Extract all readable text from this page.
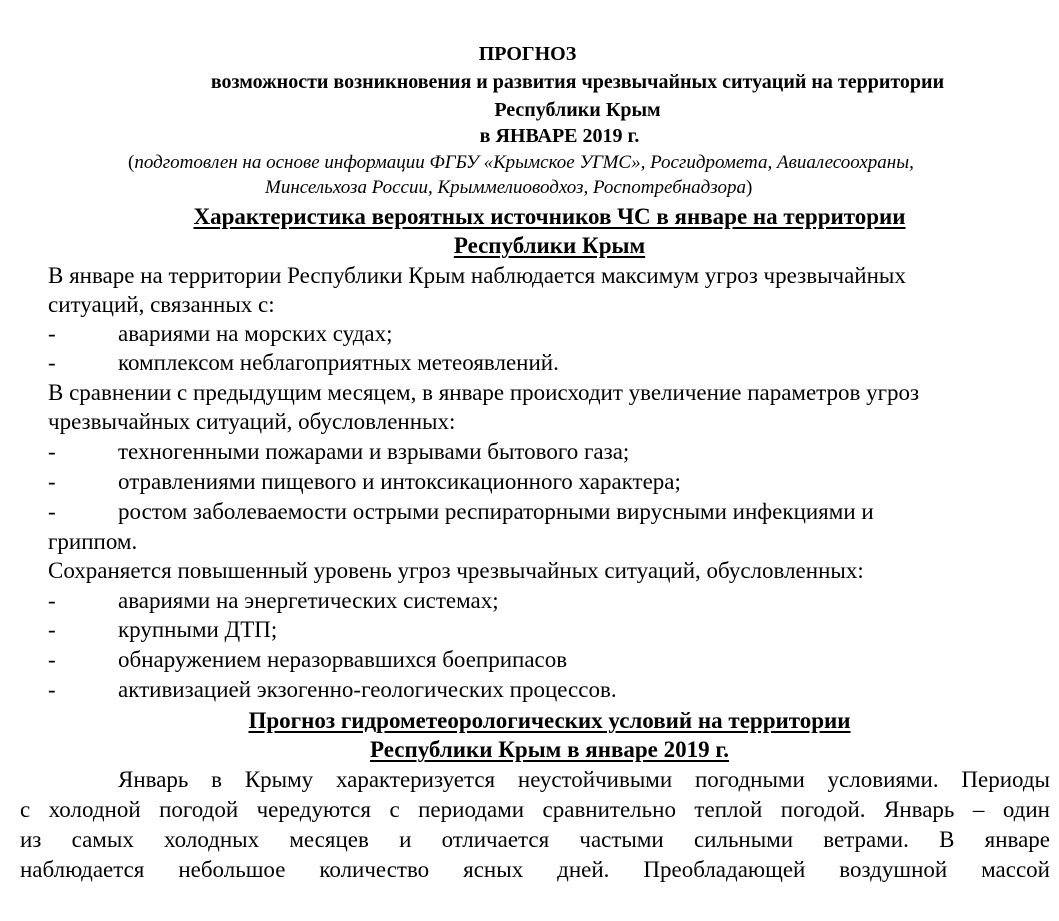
ПРОГНОЗ
возможности возникновения и развития чрезвычайных ситуаций на территории
Республики Крым
в ЯНВАРЕ 2019 г.
(подготовлен на основе информации ФГБУ «Крымское УГМС», Росгидромета, Авиалесоохраны,
Минсельхоза России, Крыммелиоводхоз, Роспотребнадзора)
Характеристика вероятных источников ЧС в январе на территории
Республики Крым
В январе на территории Республики Крым наблюдается максимум угроз чрезвычайных
ситуаций, связанных с:
-	авариями на морских судах;
-	комплексом неблагоприятных метеоявлений.
В сравнении с предыдущим месяцем, в январе происходит увеличение параметров угроз
чрезвычайных ситуаций, обусловленных:
-	техногенными пожарами и взрывами бытового газа;
-	отравлениями пищевого и интоксикационного характера;
-	ростом заболеваемости острыми респираторными вирусными инфекциями и
гриппом.
Сохраняется повышенный уровень угроз чрезвычайных ситуаций, обусловленных:
-	авариями на энергетических системах;
-	крупными ДТП;
-	обнаружением неразорвавшихся боеприпасов
-	активизацией экзогенно-геологических процессов.
Прогноз гидрометеорологических условий на территории
Республики Крым в январе 2019 г.
Январь в Крыму характеризуется неустойчивыми погодными условиями. Периоды
с холодной погодой чередуются с периодами сравнительно теплой погодой. Январь – один
из самых холодных месяцев и отличается частыми сильными ветрами. В январе
наблюдается небольшое количество ясных дней. Преобладающей воздушной массой
